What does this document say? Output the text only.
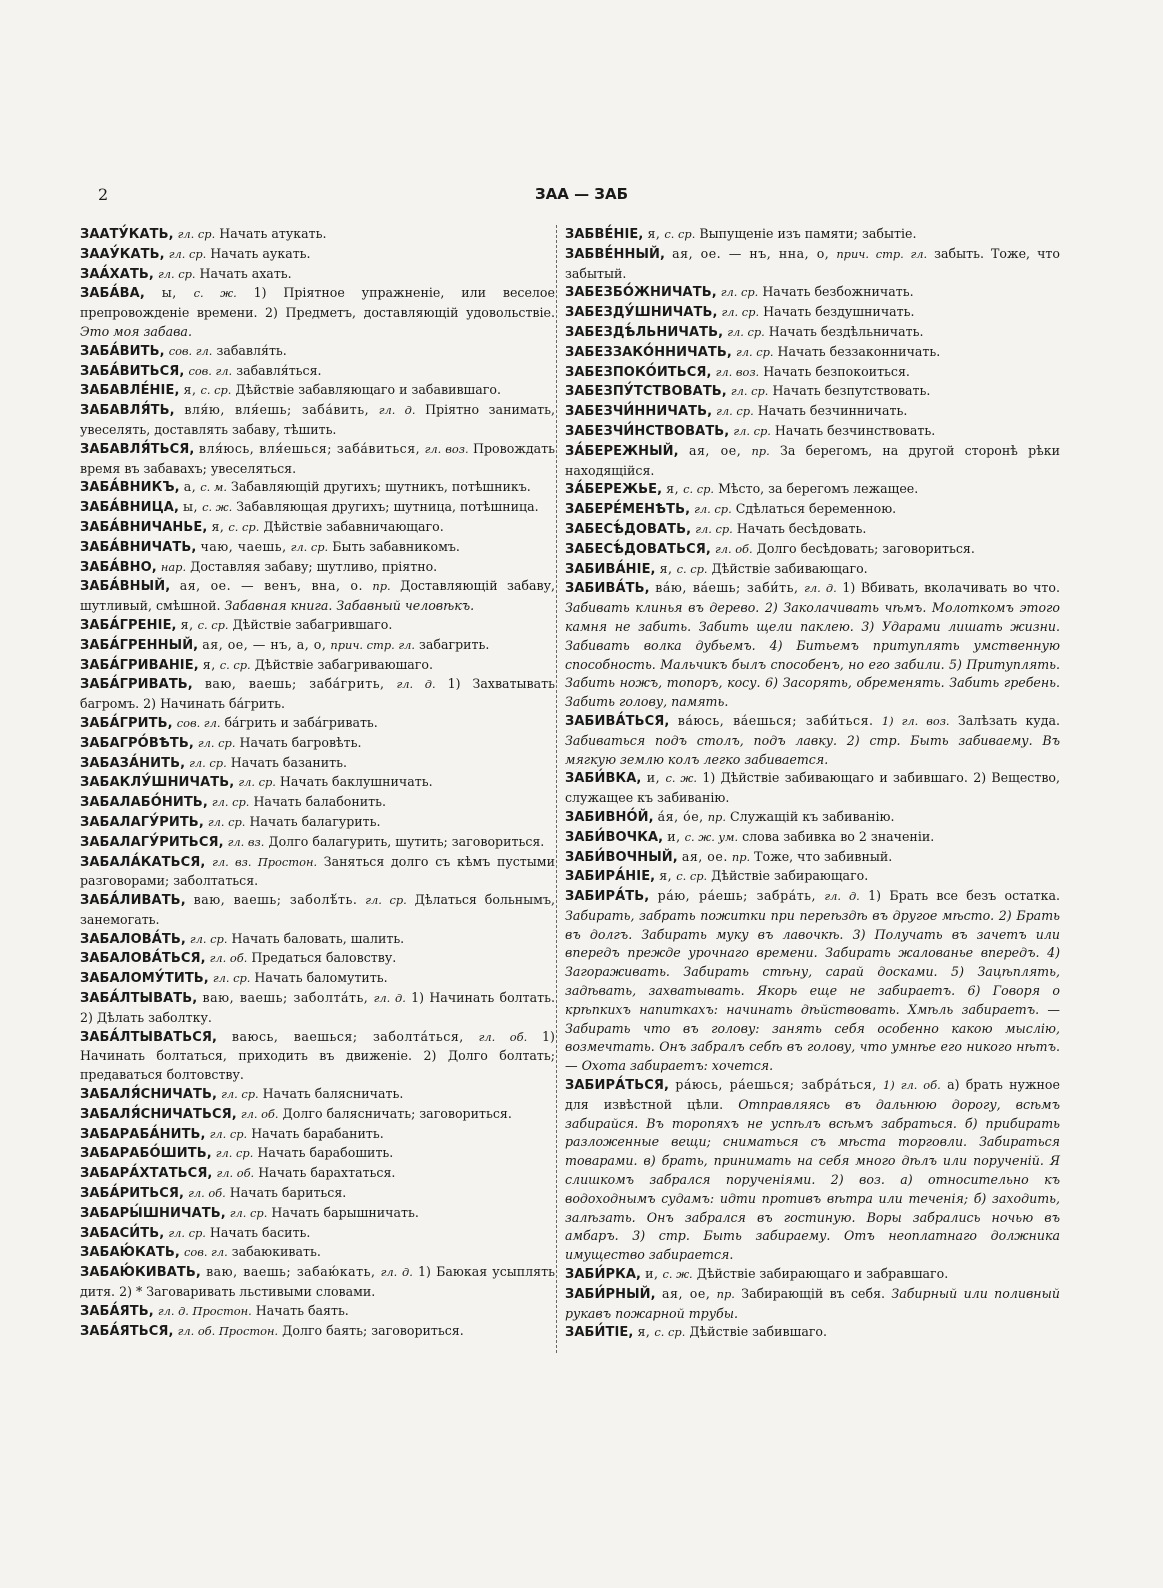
2	ЗАА — ЗАБ
ЗААТУ́КАТЬ, гл. ср. Начать атукать.
ЗААУ́КАТЬ, гл. ср. Начать аукать.
ЗАА́ХАТЬ, гл. ср. Начать ахать.
ЗАБА́ВА, ы, с. ж. 1) Пріятное упражненіе, или веселое препровожденіе времени. 2) Предметъ, доставляющій удовольствіе. Это моя забава.
ЗАБА́ВИТЬ, сов. гл. забавля́ть.
ЗАБА́ВИТЬСЯ, сов. гл. забавля́ться.
ЗАБАВЛЕ́НІЕ, я, с. ср. Дѣйствіе забавляющаго и забавившаго.
ЗАБАВЛЯ́ТЬ, вля́ю, вля́ешь; заба́вить, гл. д. Пріятно занимать, увеселять, доставлять забаву, тѣшить.
ЗАБАВЛЯ́ТЬСЯ, вля́юсь, вля́ешься; заба́виться, гл. воз. Провождать время въ забавахъ; увеселяться.
ЗАБА́ВНИКЪ, а, с. м. Забавляющій другихъ; шутникъ, потѣшникъ.
ЗАБА́ВНИЦА, ы, с. ж. Забавляющая другихъ; шутница, потѣшница.
ЗАБА́ВНИЧАНЬЕ, я, с. ср. Дѣйствіе забавничающаго.
ЗАБА́ВНИЧАТЬ, чаю, чаешь, гл. ср. Быть забавникомъ.
ЗАБА́ВНО, нар. Доставляя забаву; шутливо, пріятно.
ЗАБА́ВНЫЙ, ая, ое. — венъ, вна, о. пр. Доставляющій забаву, шутливый, смѣшной. Забавная книга. Забавный человѣкъ.
ЗАБА́ГРЕНІЕ, я, с. ср. Дѣйствіе забагрившаго.
ЗАБА́ГРЕННЫЙ, ая, ое, — нъ, а, о, прич. стр. гл. забагрить.
ЗАБА́ГРИВАНІЕ, я, с. ср. Дѣйствіе забагриваюшаго.
ЗАБА́ГРИВАТЬ, ваю, ваешь; заба́грить, гл. д. 1) Захватывать багромъ. 2) Начинать ба́грить.
ЗАБА́ГРИТЬ, сов. гл. ба́грить и заба́гривать.
ЗАБАГРО́ВѢТЬ, гл. ср. Начать багровѣть.
ЗАБАЗА́НИТЬ, гл. ср. Начать базанить.
ЗАБАКЛУ́ШНИЧАТЬ, гл. ср. Начать баклушничать.
ЗАБАЛАБО́НИТЬ, гл. ср. Начать балабонить.
ЗАБАЛАГУ́РИТЬ, гл. ср. Начать балагурить.
ЗАБАЛАГУ́РИТЬСЯ, гл. вз. Долго балагурить, шутить; заговориться.
ЗАБАЛА́КАТЬСЯ, гл. вз. Простон. Заняться долго съ кѣмъ пустыми разговорами; заболтаться.
ЗАБА́ЛИВАТЬ, ваю, ваешь; заболѣ́ть. гл. ср. Дѣлаться больнымъ, занемогать.
ЗАБАЛОВА́ТЬ, гл. ср. Начать баловать, шалить.
ЗАБАЛОВА́ТЬСЯ, гл. об. Предаться баловству.
ЗАБАЛОМУ́ТИТЬ, гл. ср. Начать баломутить.
ЗАБА́ЛТЫВАТЬ, ваю, ваешь; заболта́ть, гл. д. 1) Начинать болтать. 2) Дѣлать заболтку.
ЗАБА́ЛТЫВАТЬСЯ, ваюсь, ваешься; заболта́ться, гл. об. 1) Начинать болтаться, приходить въ движеніе. 2) Долго болтать; предаваться болтовству.
ЗАБАЛЯ́СНИЧАТЬ, гл. ср. Начать балясничать.
ЗАБАЛЯ́СНИЧАТЬСЯ, гл. об. Долго балясничать; заговориться.
ЗАБАРАБА́НИТЬ, гл. ср. Начать барабанить.
ЗАБАРАБО́ШИТЬ, гл. ср. Начать барабошить.
ЗАБАРА́ХТАТЬСЯ, гл. об. Начать барахтаться.
ЗАБА́РИТЬСЯ, гл. об. Начать бариться.
ЗАБАРЫ́ШНИЧАТЬ, гл. ср. Начать барышничать.
ЗАБАСИ́ТЬ, гл. ср. Начать басить.
ЗАБАЮ́КАТЬ, сов. гл. забаюкивать.
ЗАБАЮ́КИВАТЬ, ваю, ваешь; забаю́кать, гл. д. 1) Баюкая усыплять дитя. 2) * Заговаривать льстивыми словами.
ЗАБА́ЯТЬ, гл. д. Простон. Начать баять.
ЗАБА́ЯТЬСЯ, гл. об. Простон. Долго баять; заговориться.
ЗАБВЕ́НІЕ, я, с. ср. Выпущеніе изъ памяти; забытіе.
ЗАБВЕ́ННЫЙ, ая, ое. — нъ, нна, о, прич. стр. гл. забыть. Тоже, что забытый.
ЗАБЕЗБО́ЖНИЧАТЬ, гл. ср. Начать безбожничать.
ЗАБЕЗДУ́ШНИЧАТЬ, гл. ср. Начать бездушничать.
ЗАБЕЗДѢ́ЛЬНИЧАТЬ, гл. ср. Начать бездѣльничать.
ЗАБЕЗЗАКО́ННИЧАТЬ, гл. ср. Начать беззаконничать.
ЗАБЕЗПОКО́ИТЬСЯ, гл. воз. Начать безпокоиться.
ЗАБЕЗПУ́ТСТВОВАТЬ, гл. ср. Начать безпутствовать.
ЗАБЕЗЧИ́ННИЧАТЬ, гл. ср. Начать безчинничать.
ЗАБЕЗЧИ́НСТВОВАТЬ, гл. ср. Начать безчинствовать.
ЗА́БЕРЕЖНЫЙ, ая, ое, пр. За берегомъ, на другой сторонѣ рѣки находящійся.
ЗА́БЕРЕЖЬЕ, я, с. ср. Мѣсто, за берегомъ лежащее.
ЗАБЕРЕ́МЕНѢТЬ, гл. ср. Сдѣлаться беременною.
ЗАБЕСѢ́ДОВАТЬ, гл. ср. Начать бесѣдовать.
ЗАБЕСѢ́ДОВАТЬСЯ, гл. об. Долго бесѣдовать; заговориться.
ЗАБИВА́НІЕ, я, с. ср. Дѣйствіе забивающаго.
ЗАБИВА́ТЬ, ва́ю, ва́ешь; заби́ть, гл. д. 1) Вбивать, вколачивать во что. Забивать клинья въ дерево. 2) Заколачивать чѣмъ. Молоткомъ этого камня не забить. Забить щели паклею. 3) Ударами лишать жизни. Забивать волка дубьемъ. 4) Битьемъ притуплять умственную способность. Мальчикъ былъ способенъ, но его забили. 5) Притуплять. Забить ножъ, топоръ, косу. 6) Засорять, обременять. Забить гребень. Забить голову, память.
ЗАБИВА́ТЬСЯ, ва́юсь, ва́ешься; заби́ться. 1) гл. воз. Залѣзать куда. Забиваться подъ столъ, подъ лавку. 2) стр. Быть забиваему. Въ мягкую землю колъ легко забивается.
ЗАБИ́ВКА, и, с. ж. 1) Дѣйствіе забивающаго и забившаго. 2) Вещество, служащее къ забиванію.
ЗАБИВНО́Й, а́я, о́е, пр. Служащій къ забиванію.
ЗАБИ́ВОЧКА, и, с. ж. ум. слова забивка во 2 значеніи.
ЗАБИ́ВОЧНЫЙ, ая, ое. пр. Тоже, что забивный.
ЗАБИРА́НІЕ, я, с. ср. Дѣйствіе забирающаго.
ЗАБИРА́ТЬ, ра́ю, ра́ешь; забра́ть, гл. д. 1) Брать все безъ остатка. Забирать, забрать пожитки при переѣздѣ въ другое мѣсто. 2) Брать въ долгъ. Забирать муку въ лавочкѣ. 3) Получать въ зачетъ или впередъ прежде урочнаго времени. Забирать жалованье впередъ. 4) Загораживать. Забирать стѣну, сарай досками. 5) Зацѣплять, задѣвать, захватывать. Якорь еще не забираетъ. 6) Говоря о крѣпкихъ напиткахъ: начинать дѣйствовать. Хмѣль забираетъ. — Забирать что въ голову: занять себя особенно какою мыслію, возмечтать. Онъ забралъ себѣ въ голову, что умнѣе его никого нѣтъ. — Охота забираетъ: хочется.
ЗАБИРА́ТЬСЯ, ра́юсь, ра́ешься; забра́ться, 1) гл. об. а) брать нужное для извѣстной цѣли. Отправляясь въ дальнюю дорогу, всѣмъ забирайся. Въ торопяхъ не успѣлъ всѣмъ забраться. б) прибирать разложенные вещи; сниматься съ мѣста торговли. Забираться товарами. в) брать, принимать на себя много дѣлъ или порученій. Я слишкомъ забрался порученіями. 2) воз. а) относительно къ водоходнымъ судамъ: идти противъ вѣтра или теченія; б) заходить, залѣзать. Онъ забрался въ гостиную. Воры забрались ночью въ амбаръ. 3) стр. Быть забираему. Отъ неоплатнаго должника имущество забирается.
ЗАБИ́РКА, и, с. ж. Дѣйствіе забирающаго и забравшаго.
ЗАБИ́РНЫЙ, ая, ое, пр. Забирающій въ себя. Забирный или поливный рукавъ пожарной трубы.
ЗАБИ́ТІЕ, я, с. ср. Дѣйствіе забившаго.
